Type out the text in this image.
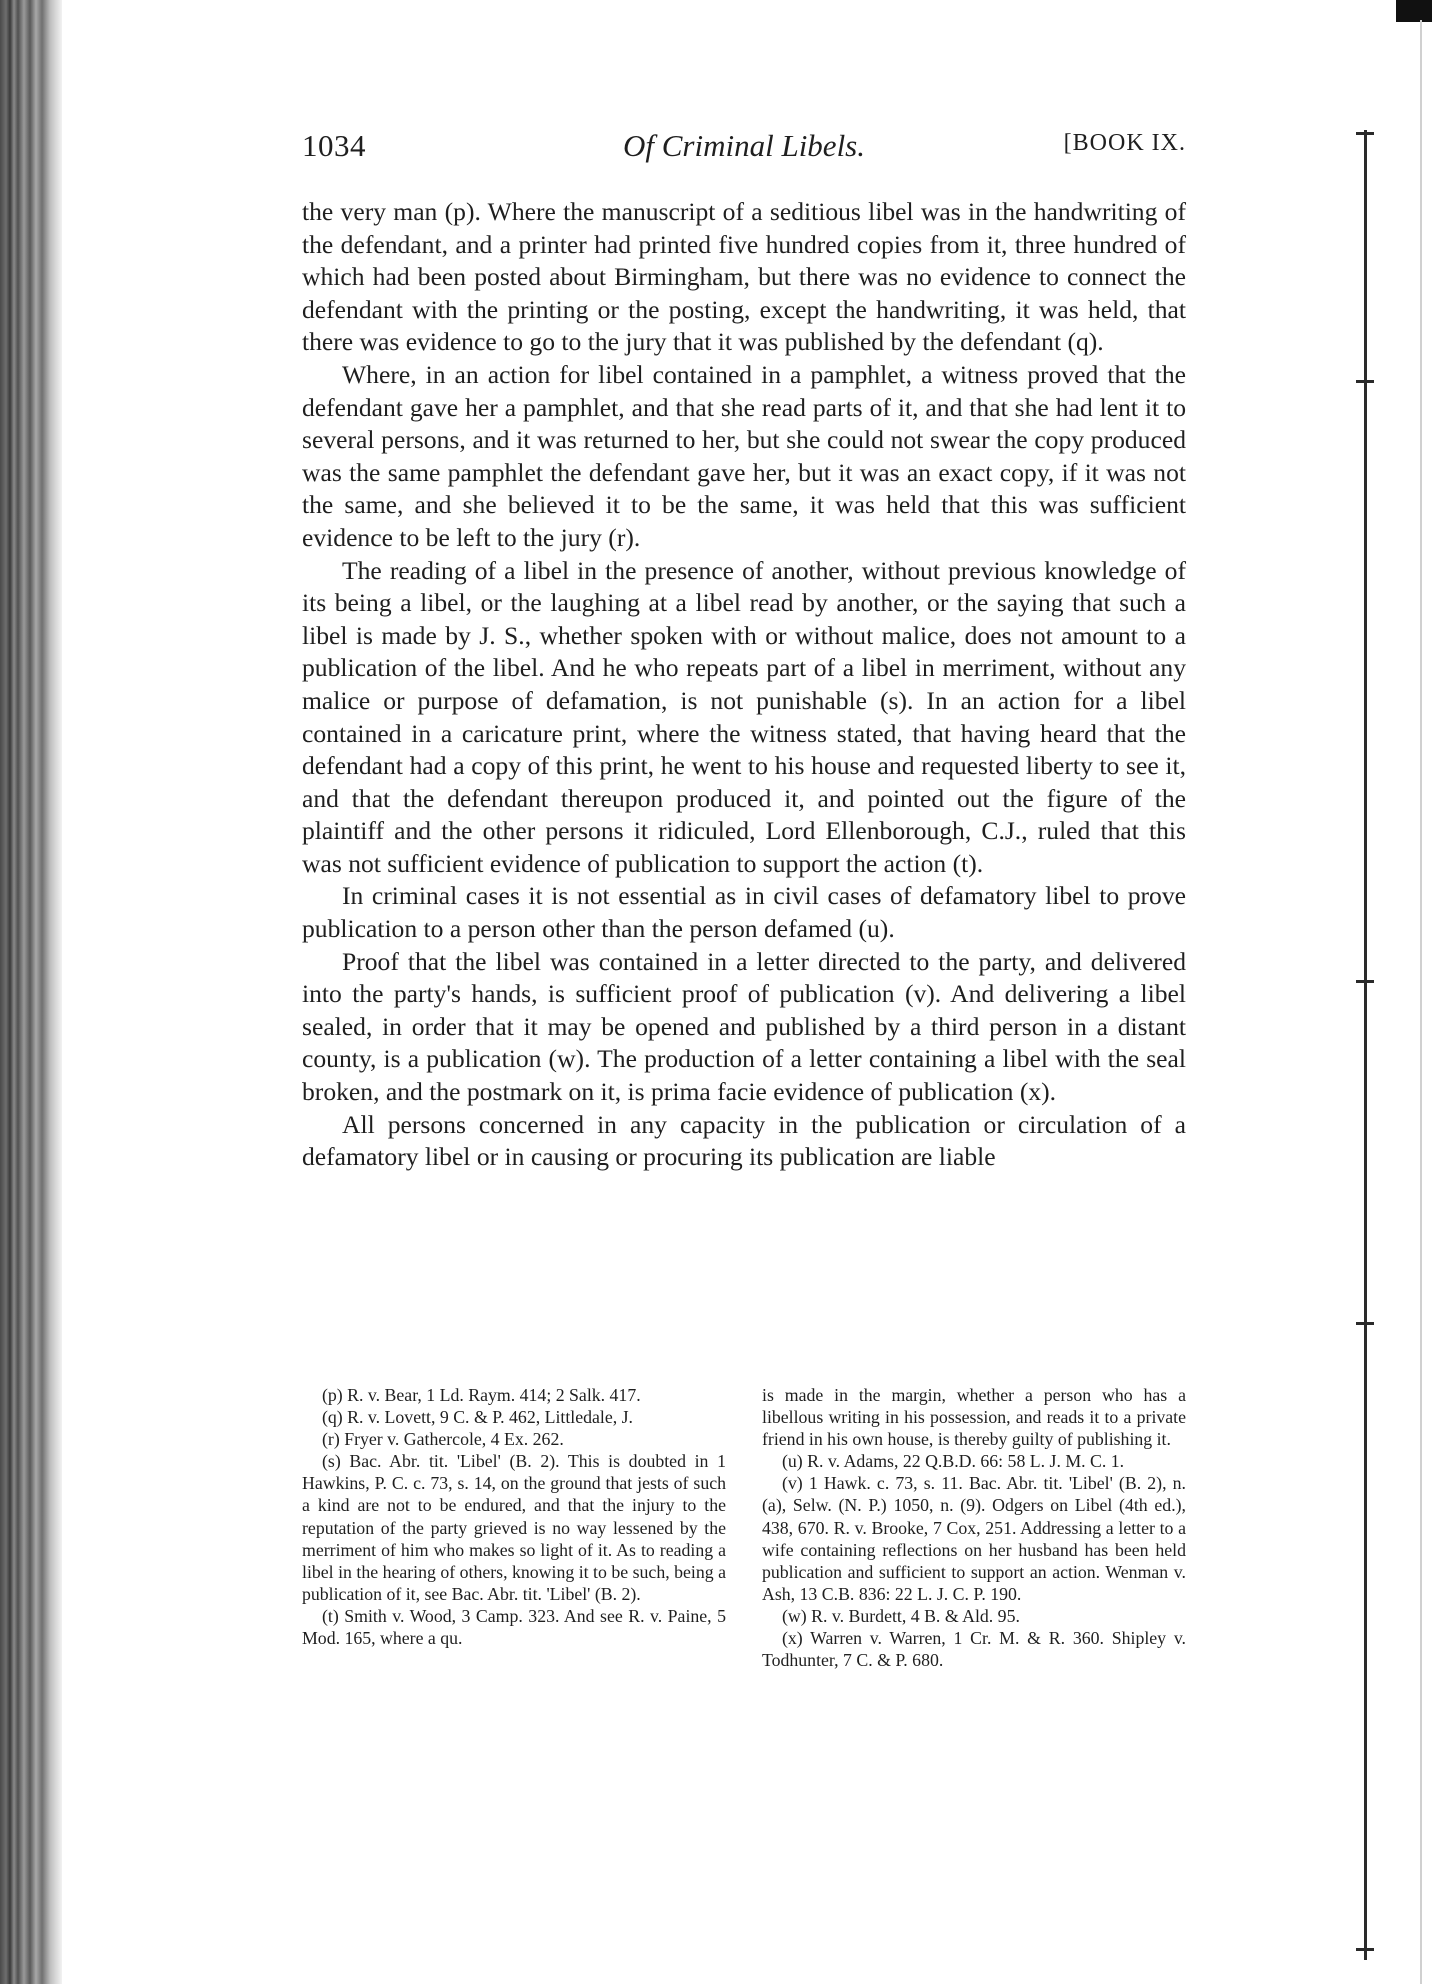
1034	Of Criminal Libels.	[BOOK IX.

the very man (p). Where the manuscript of a seditious libel was in the handwriting of the defendant, and a printer had printed five hundred copies from it, three hundred of which had been posted about Birmingham, but there was no evidence to connect the defendant with the printing or the posting, except the handwriting, it was held, that there was evidence to go to the jury that it was published by the defendant (q).

Where, in an action for libel contained in a pamphlet, a witness proved that the defendant gave her a pamphlet, and that she read parts of it, and that she had lent it to several persons, and it was returned to her, but she could not swear the copy produced was the same pamphlet the defendant gave her, but it was an exact copy, if it was not the same, and she believed it to be the same, it was held that this was sufficient evidence to be left to the jury (r).

The reading of a libel in the presence of another, without previous knowledge of its being a libel, or the laughing at a libel read by another, or the saying that such a libel is made by J. S., whether spoken with or without malice, does not amount to a publication of the libel. And he who repeats part of a libel in merriment, without any malice or purpose of defamation, is not punishable (s). In an action for a libel contained in a caricature print, where the witness stated, that having heard that the defendant had a copy of this print, he went to his house and requested liberty to see it, and that the defendant thereupon produced it, and pointed out the figure of the plaintiff and the other persons it ridiculed, Lord Ellenborough, C.J., ruled that this was not sufficient evidence of publication to support the action (t).

In criminal cases it is not essential as in civil cases of defamatory libel to prove publication to a person other than the person defamed (u).

Proof that the libel was contained in a letter directed to the party, and delivered into the party's hands, is sufficient proof of publication (v). And delivering a libel sealed, in order that it may be opened and published by a third person in a distant county, is a publication (w). The production of a letter containing a libel with the seal broken, and the postmark on it, is prima facie evidence of publication (x).

All persons concerned in any capacity in the publication or circulation of a defamatory libel or in causing or procuring its publication are liable

(p) R. v. Bear, 1 Ld. Raym. 414; 2 Salk. 417.

(q) R. v. Lovett, 9 C. & P. 462, Littledale, J.

(r) Fryer v. Gathercole, 4 Ex. 262.

(s) Bac. Abr. tit. 'Libel' (B. 2). This is doubted in 1 Hawkins, P. C. c. 73, s. 14, on the ground that jests of such a kind are not to be endured, and that the injury to the reputation of the party grieved is no way lessened by the merriment of him who makes so light of it. As to reading a libel in the hearing of others, knowing it to be such, being a publication of it, see Bac. Abr. tit. 'Libel' (B. 2).

(t) Smith v. Wood, 3 Camp. 323. And see R. v. Paine, 5 Mod. 165, where a qu.

is made in the margin, whether a person who has a libellous writing in his possession, and reads it to a private friend in his own house, is thereby guilty of publishing it.

(u) R. v. Adams, 22 Q.B.D. 66: 58 L. J. M. C. 1.

(v) 1 Hawk. c. 73, s. 11. Bac. Abr. tit. 'Libel' (B. 2), n. (a), Selw. (N. P.) 1050, n. (9). Odgers on Libel (4th ed.), 438, 670. R. v. Brooke, 7 Cox, 251. Addressing a letter to a wife containing reflections on her husband has been held publication and sufficient to support an action. Wenman v. Ash, 13 C.B. 836: 22 L. J. C. P. 190.

(w) R. v. Burdett, 4 B. & Ald. 95.

(x) Warren v. Warren, 1 Cr. M. & R. 360. Shipley v. Todhunter, 7 C. & P. 680.
